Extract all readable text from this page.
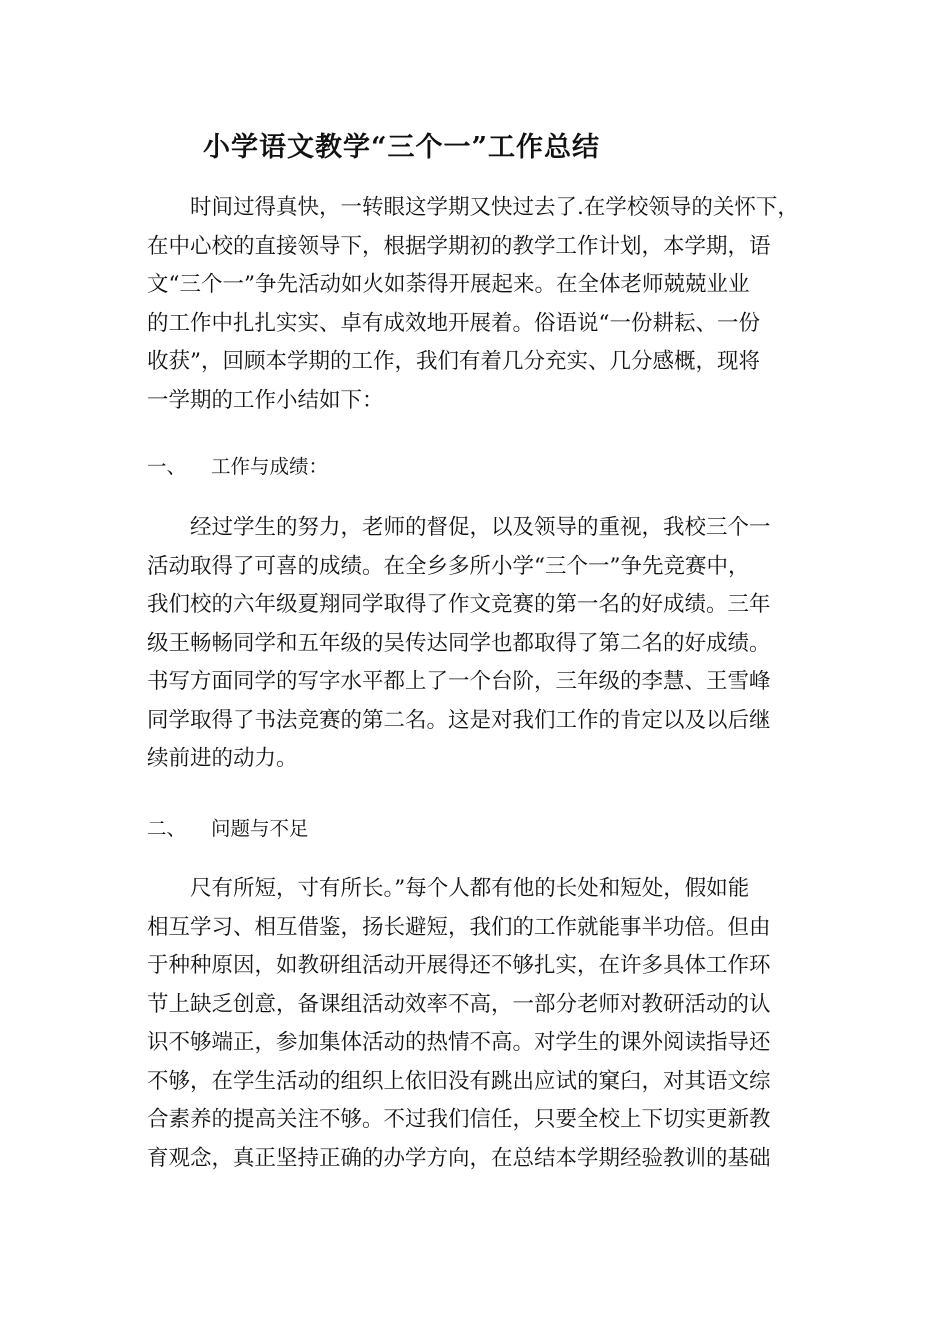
小学语文教学“三个一”工作总结
　　时间过得真快，一转眼这学期又快过去了.在学校领导的关怀下，
在中心校的直接领导下，根据学期初的教学工作计划，本学期，语
文“三个一”争先活动如火如荼得开展起来。在全体老师兢兢业业
的工作中扎扎实实、卓有成效地开展着。俗语说“一份耕耘、一份
收获”，回顾本学期的工作，我们有着几分充实、几分感概，现将
一学期的工作小结如下：
一、 工作与成绩：
　　经过学生的努力，老师的督促，以及领导的重视，我校三个一
活动取得了可喜的成绩。在全乡多所小学“三个一”争先竞赛中，
我们校的六年级夏翔同学取得了作文竞赛的第一名的好成绩。三年
级王畅畅同学和五年级的吴传达同学也都取得了第二名的好成绩。
书写方面同学的写字水平都上了一个台阶，三年级的李慧、王雪峰
同学取得了书法竞赛的第二名。这是对我们工作的肯定以及以后继
续前进的动力。
二、 问题与不足
　　尺有所短，寸有所长。”每个人都有他的长处和短处，假如能
相互学习、相互借鉴，扬长避短，我们的工作就能事半功倍。但由
于种种原因，如教研组活动开展得还不够扎实，在许多具体工作环
节上缺乏创意，备课组活动效率不高，一部分老师对教研活动的认
识不够端正，参加集体活动的热情不高。对学生的课外阅读指导还
不够，在学生活动的组织上依旧没有跳出应试的窠臼，对其语文综
合素养的提高关注不够。不过我们信任，只要全校上下切实更新教
育观念，真正坚持正确的办学方向，在总结本学期经验教训的基础
